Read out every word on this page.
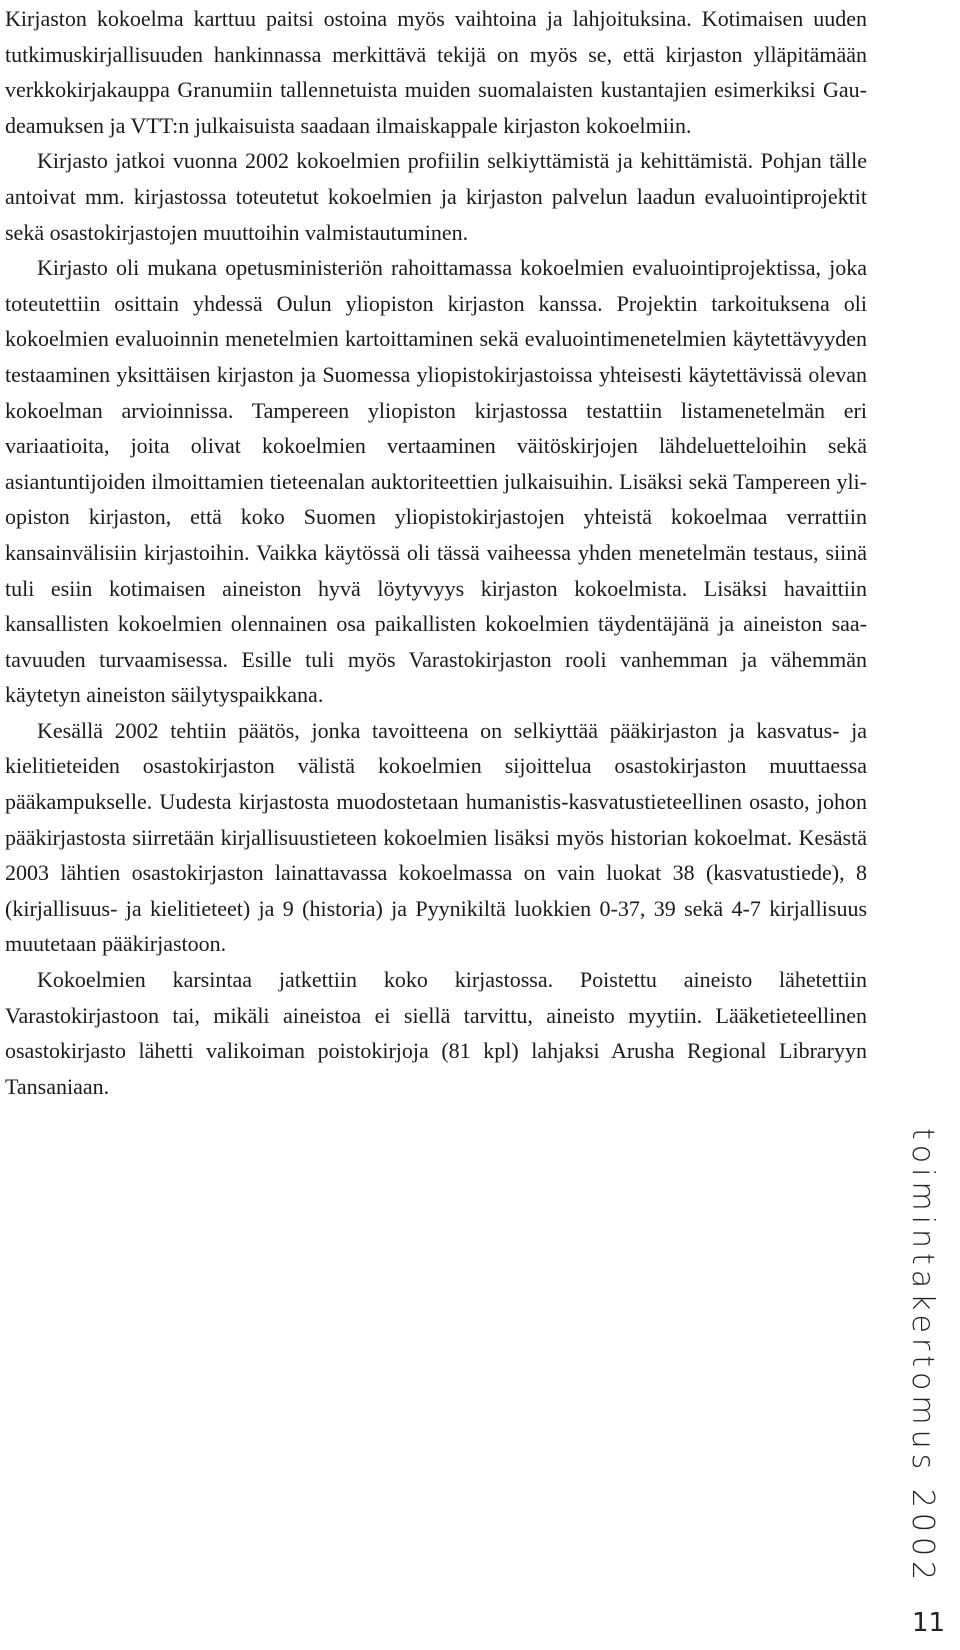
Kirjaston kokoelma karttuu paitsi ostoina myös vaihtoina ja lahjoituksina. Kotimaisen uuden tutkimuskirjallisuuden hankinnassa merkittävä tekijä on myös se, että kirjaston ylläpitämään verkkokirjakauppa Granumiin tallennetuista muiden suomalaisten kustantajien esimerkiksi Gaudeamuksen ja VTT:n julkaisuista saadaan ilmaiskappale kirjaston kokoelmiin.

Kirjasto jatkoi vuonna 2002 kokoelmien profiilin selkiyttämistä ja kehittämistä. Pohjan tälle antoivat mm. kirjastossa toteutetut kokoelmien ja kirjaston palvelun laadun evaluointiprojektit sekä osastokirjastojen muuttoihin valmistautuminen.

Kirjasto oli mukana opetusministeriön rahoittamassa kokoelmien evaluointiprojektissa, joka toteutettiin osittain yhdessä Oulun yliopiston kirjaston kanssa. Projektin tarkoituksena oli kokoelmien evaluoinnin menetelmien kartoittaminen sekä evaluointimenetelmien käytettävyyden testaaminen yksittäisen kirjaston ja Suomessa yliopistokirjastoissa yhteisesti käytettävissä olevan kokoelman arvioinnissa. Tampereen yliopiston kirjastossa testattiin listamenetelmän eri variaatioita, joita olivat kokoelmien vertaaminen väitöskirjojen lähdeluetteloihin sekä asiantuntijoiden ilmoittamien tieteenalan auktoriteettien julkaisuihin. Lisäksi sekä Tampereen yliopiston kirjaston, että koko Suomen yliopistokirjastojen yhteistä kokoelmaa verrattiin kansainvälisiin kirjastoihin. Vaikka käytössä oli tässä vaiheessa yhden menetelmän testaus, siinä tuli esiin kotimaisen aineiston hyvä löytyvyys kirjaston kokoelmista. Lisäksi havaittiin kansallisten kokoelmien olennainen osa paikallisten kokoelmien täydentäjänä ja aineiston saatavuuden turvaamisessa. Esille tuli myös Varastokirjaston rooli vanhemman ja vähemmän käytetyn aineiston säilytyspaikkana.

Kesällä 2002 tehtiin päätös, jonka tavoitteena on selkiyttää pääkirjaston ja kasvatus- ja kielitieteiden osastokirjaston välistä kokoelmien sijoittelua osastokirjaston muuttaessa pääkampukselle. Uudesta kirjastosta muodostetaan humanistis-kasvatustieteellinen osasto, johon pääkirjastosta siirretään kirjallisuustieteen kokoelmien lisäksi myös historian kokoelmat. Kesästä 2003 lähtien osastokirjaston lainattavassa kokoelmassa on vain luokat 38 (kasvatustiede), 8 (kirjallisuus- ja kielitieteet) ja 9 (historia) ja Pyynikiltä luokkien 0-37, 39 sekä 4-7 kirjallisuus muutetaan pääkirjastoon.

Kokoelmien karsintaa jatkettiin koko kirjastossa. Poistettu aineisto lähetettiin Varastokirjastoon tai, mikäli aineistoa ei siellä tarvittu, aineisto myytiin. Lääketieteellinen osastokirjasto lähetti valikoiman poistokirjoja (81 kpl) lahjaksi Arusha Regional Libraryyn Tansaniaan.

toimintakertomus 2002
11
